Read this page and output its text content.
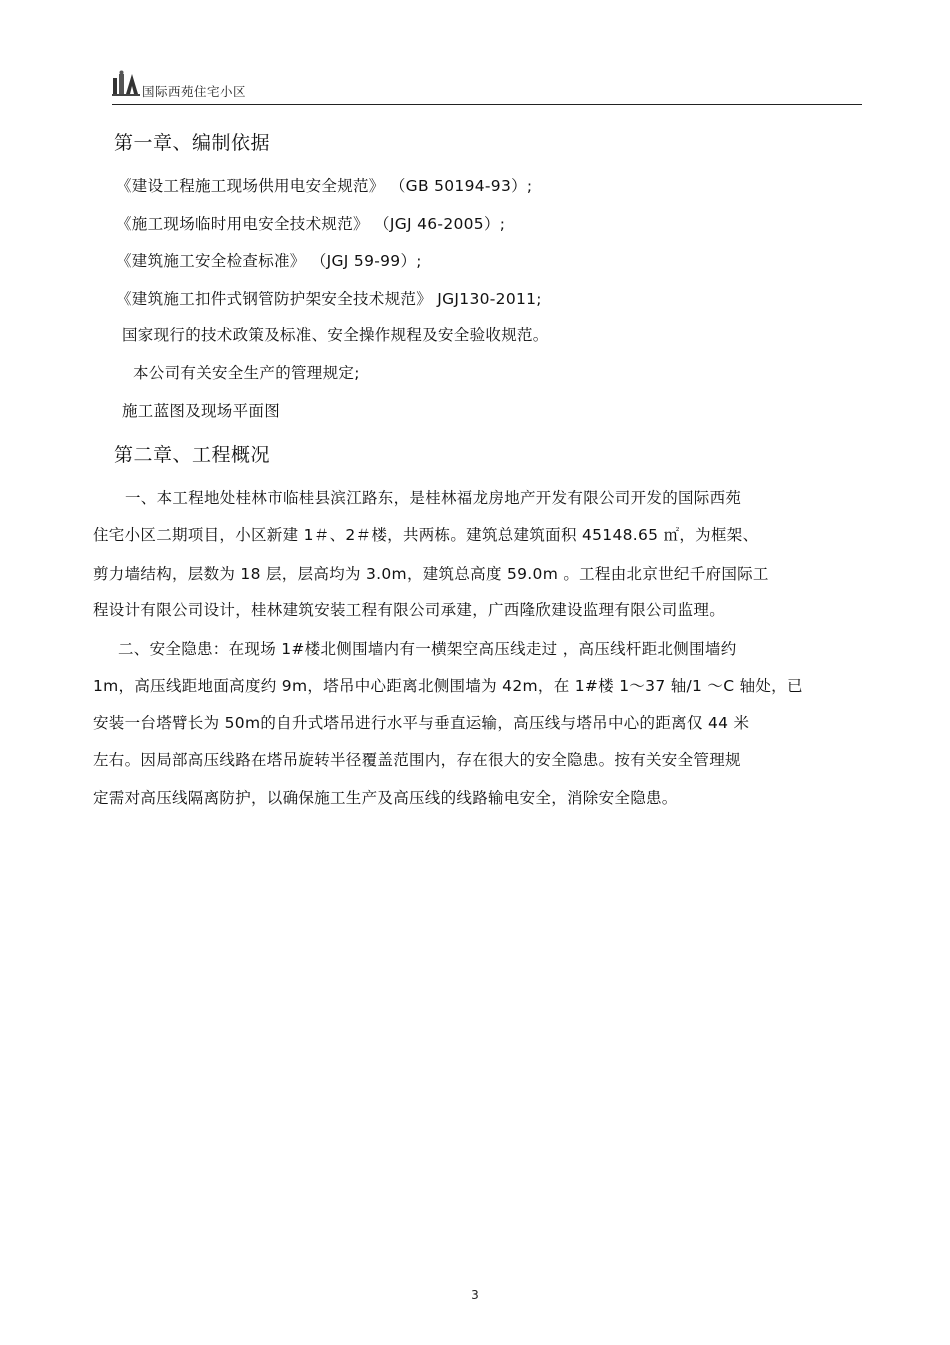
国际西苑住宅小区
第一章、编制依据
《建设工程施工现场供用电安全规范》 （GB 50194-93）;
《施工现场临时用电安全技术规范》 （JGJ 46-2005）;
《建筑施工安全检查标准》 （JGJ 59-99）;
《建筑施工扣件式钢管防护架安全技术规范》 JGJ130-2011;
国家现行的技术政策及标准、安全操作规程及安全验收规范。
本公司有关安全生产的管理规定;
施工蓝图及现场平面图
第二章、工程概况
一、本工程地处桂林市临桂县滨江路东，是桂林福龙房地产开发有限公司开发的国际西苑
住宅小区二期项目，小区新建 1＃、2＃楼，共两栋。建筑总建筑面积 45148.65 ㎡，为框架、
剪力墙结构，层数为 18 层，层高均为 3.0m，建筑总高度 59.0m 。工程由北京世纪千府国际工
程设计有限公司设计，桂林建筑安装工程有限公司承建，广西隆欣建设监理有限公司监理。
二、安全隐患：在现场 1#楼北侧围墙内有一横架空高压线走过 ，高压线杆距北侧围墙约
1m，高压线距地面高度约 9m，塔吊中心距离北侧围墙为 42m，在 1#楼 1～37 轴/1 ～C 轴处，已
安装一台塔臂长为 50m的自升式塔吊进行水平与垂直运输，高压线与塔吊中心的距离仅 44 米
左右。因局部高压线路在塔吊旋转半径覆盖范围内，存在很大的安全隐患。按有关安全管理规
定需对高压线隔离防护，以确保施工生产及高压线的线路输电安全，消除安全隐患。
3
